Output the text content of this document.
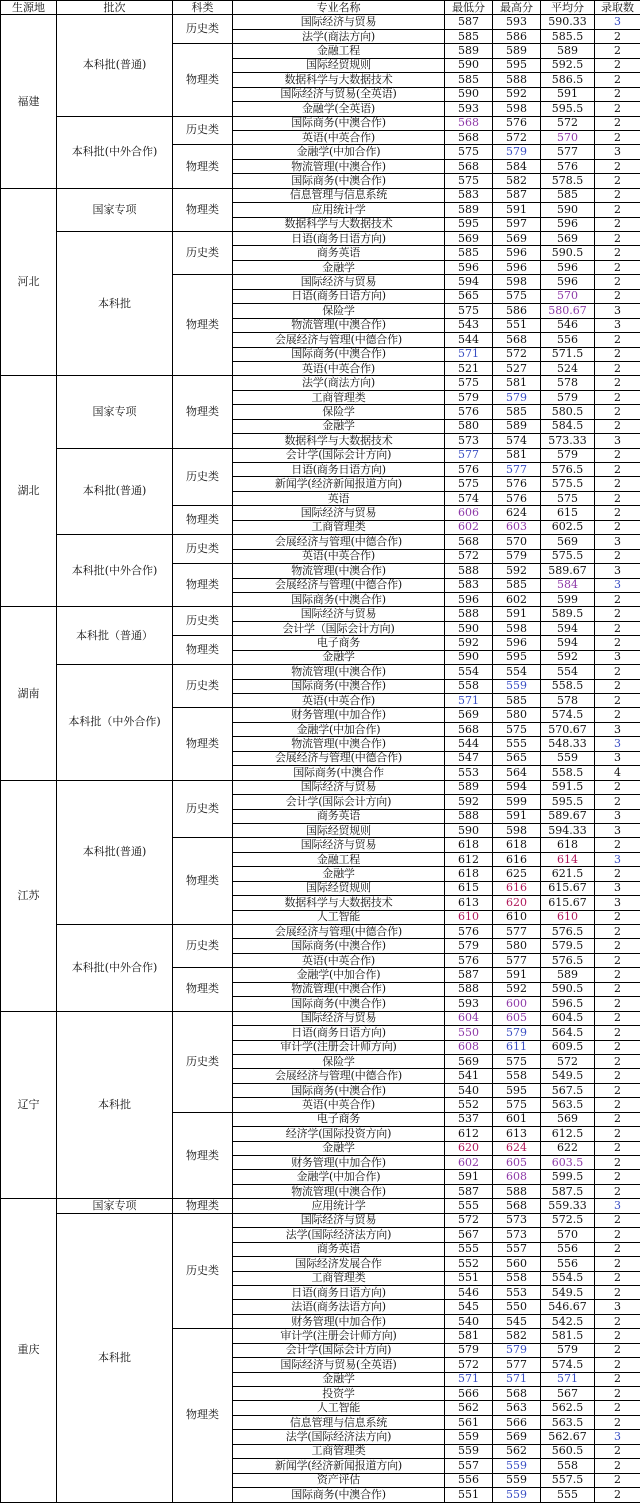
生源地	批次	科类	专业名称	最低分	最高分	平均分	录取数
福建	本科批(普通)	历史类	国际经济与贸易	587	593	590.33	3
			法学(商法方向)	585	586	585.5	2
		物理类	金融工程	589	589	589	2
			国际经贸规则	590	595	592.5	2
			数据科学与大数据技术	585	588	586.5	2
			国际经济与贸易(全英语)	590	592	591	2
			金融学(全英语)	593	598	595.5	2
	本科批(中外合作)	历史类	国际商务(中澳合作)	568	576	572	2
			英语(中英合作)	568	572	570	2
		物理类	金融学(中加合作)	575	579	577	3
			物流管理(中澳合作)	568	584	576	2
			国际商务(中澳合作)	575	582	578.5	2
河北	国家专项	物理类	信息管理与信息系统	583	587	585	2
			应用统计学	589	591	590	2
			数据科学与大数据技术	595	597	596	2
	本科批	历史类	日语(商务日语方向)	569	569	569	2
			商务英语	585	596	590.5	2
			金融学	596	596	596	2
		物理类	国际经济与贸易	594	598	596	2
			日语(商务日语方向)	565	575	570	2
			保险学	575	586	580.67	3
			物流管理(中澳合作)	543	551	546	3
			会展经济与管理(中德合作)	544	568	556	2
			国际商务(中澳合作)	571	572	571.5	2
			英语(中英合作)	521	527	524	2
湖北	国家专项	物理类	法学(商法方向)	575	581	578	2
			工商管理类	579	579	579	2
			保险学	576	585	580.5	2
			金融学	580	589	584.5	2
			数据科学与大数据技术	573	574	573.33	3
	本科批(普通)	历史类	会计学(国际会计方向)	577	581	579	2
			日语(商务日语方向)	576	577	576.5	2
			新闻学(经济新闻报道方向)	575	576	575.5	2
			英语	574	576	575	2
		物理类	国际经济与贸易	606	624	615	2
			工商管理类	602	603	602.5	2
	本科批(中外合作)	历史类	会展经济与管理(中德合作)	568	570	569	3
			英语(中英合作)	572	579	575.5	2
		物理类	物流管理(中澳合作)	588	592	589.67	3
			会展经济与管理(中德合作)	583	585	584	3
			国际商务(中澳合作)	596	602	599	2
湖南	本科批（普通）	历史类	国际经济与贸易	588	591	589.5	2
			会计学（国际会计方向)	590	598	594	2
		物理类	电子商务	592	596	594	2
			金融学	590	595	592	3
	本科批（中外合作)	历史类	物流管理(中澳合作)	554	554	554	2
			国际商务(中澳合作)	558	559	558.5	2
			英语(中英合作)	571	585	578	2
		物理类	财务管理(中加合作)	569	580	574.5	2
			金融学(中加合作)	568	575	570.67	3
			物流管理(中澳合作)	544	555	548.33	3
			会展经济与管理(中德合作)	547	565	559	3
			国际商务(中澳合作	553	564	558.5	4
江苏	本科批(普通)	历史类	国际经济与贸易	589	594	591.5	2
			会计学(国际会计方向)	592	599	595.5	2
			商务英语	588	591	589.67	3
			国际经贸规则	590	598	594.33	3
		物理类	国际经济与贸易	618	618	618	2
			金融工程	612	616	614	3
			金融学	618	625	621.5	2
			国际经贸规则	615	616	615.67	3
			数据科学与大数据技术	613	620	615.67	3
			人工智能	610	610	610	2
	本科批(中外合作)	历史类	会展经济与管理(中德合作)	576	577	576.5	2
			国际商务(中澳合作)	579	580	579.5	2
			英语(中英合作)	576	577	576.5	2
		物理类	金融学(中加合作)	587	591	589	2
			物流管理(中澳合作)	588	592	590.5	2
			国际商务(中澳合作)	593	600	596.5	2
辽宁	本科批	历史类	国际经济与贸易	604	605	604.5	2
			日语(商务日语方向)	550	579	564.5	2
			审计学(注册会计师方向)	608	611	609.5	2
			保险学	569	575	572	2
			会展经济与管理(中德合作)	541	558	549.5	2
			国际商务(中澳合作)	540	595	567.5	2
			英语(中英合作)	552	575	563.5	2
		物理类	电子商务	537	601	569	2
			经济学(国际投资方向)	612	613	612.5	2
			金融学	620	624	622	2
			财务管理(中加合作)	602	605	603.5	2
			金融学(中加合作)	591	608	599.5	2
			物流管理(中澳合作)	587	588	587.5	2
重庆	国家专项	物理类	应用统计学	555	568	559.33	3
	本科批	历史类	国际经济与贸易	572	573	572.5	2
			法学(国际经济法方向)	567	573	570	2
			商务英语	555	557	556	2
			国际经济发展合作	552	560	556	2
			工商管理类	551	558	554.5	2
			日语(商务日语方向)	546	553	549.5	2
			法语(商务法语方向)	545	550	546.67	3
			财务管理(中加合作)	540	545	542.5	2
		物理类	审计学(注册会计师方向)	581	582	581.5	2
			会计学(国际会计方向)	579	579	579	2
			国际经济与贸易(全英语)	572	577	574.5	2
			金融学	571	571	571	2
			投资学	566	568	567	2
			人工智能	562	563	562.5	2
			信息管理与信息系统	561	566	563.5	2
			法学(国际经济法方向)	559	569	562.67	3
			工商管理类	559	562	560.5	2
			新闻学(经济新闻报道方向)	557	559	558	2
			资产评估	556	559	557.5	2
			国际商务(中澳合作)	551	559	555	2
